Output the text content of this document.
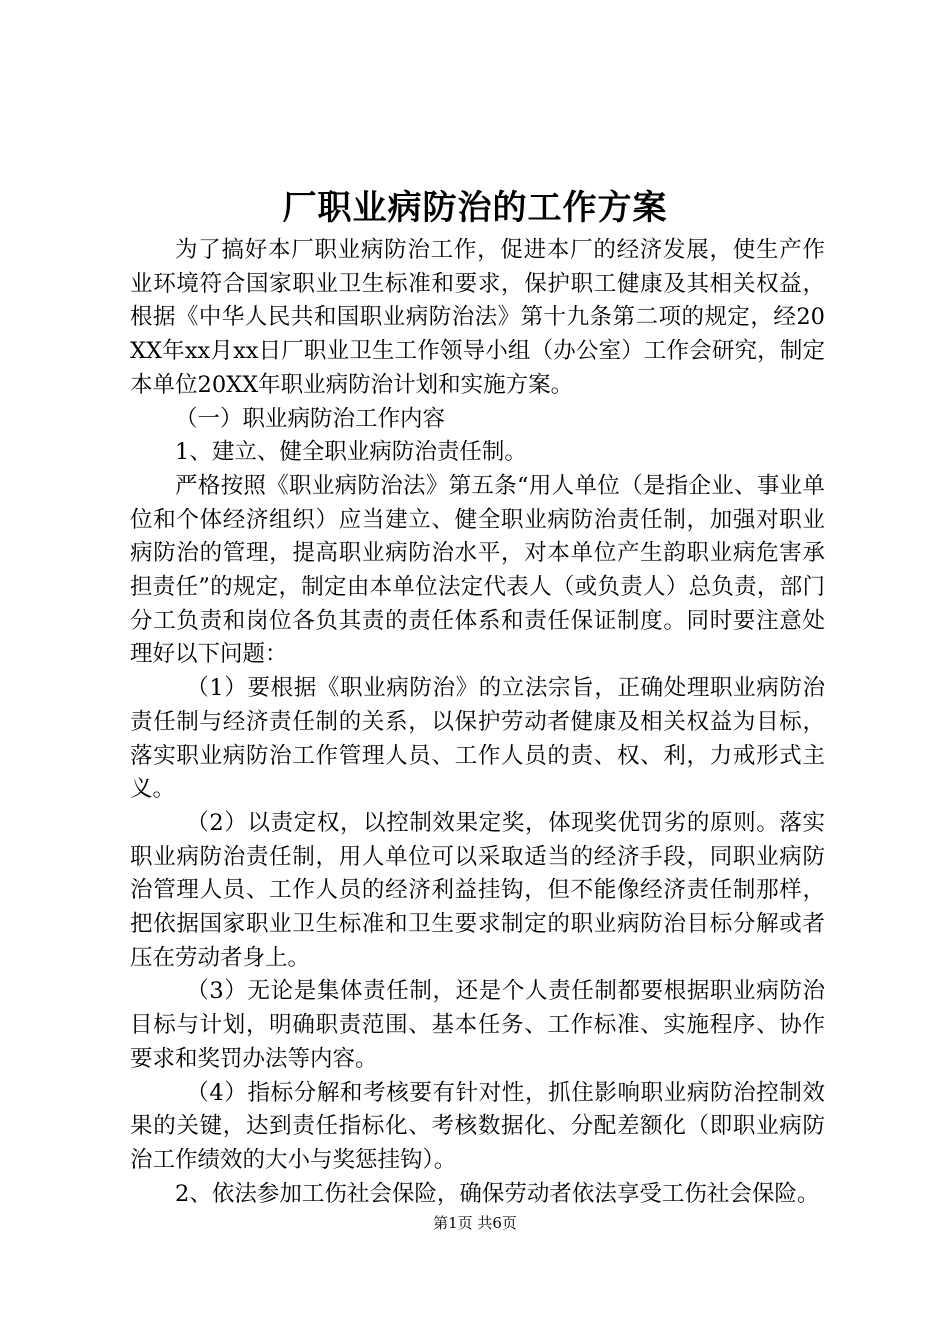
厂职业病防治的工作方案

为了搞好本厂职业病防治工作，促进本厂的经济发展，使生产作业环境符合国家职业卫生标准和要求，保护职工健康及其相关权益，根据《中华人民共和国职业病防治法》第十九条第二项的规定，经20XX年xx月xx日厂职业卫生工作领导小组（办公室）工作会研究，制定本单位20XX年职业病防治计划和实施方案。

（一）职业病防治工作内容

1、建立、健全职业病防治责任制。

严格按照《职业病防治法》第五条“用人单位（是指企业、事业单位和个体经济组织）应当建立、健全职业病防治责任制，加强对职业病防治的管理，提高职业病防治水平，对本单位产生韵职业病危害承担责任”的规定，制定由本单位法定代表人（或负责人）总负责，部门分工负责和岗位各负其责的责任体系和责任保证制度。同时要注意处理好以下问题：

（1）要根据《职业病防治》的立法宗旨，正确处理职业病防治责任制与经济责任制的关系，以保护劳动者健康及相关权益为目标，落实职业病防治工作管理人员、工作人员的责、权、利，力戒形式主义。

（2）以责定权，以控制效果定奖，体现奖优罚劣的原则。落实职业病防治责任制，用人单位可以采取适当的经济手段，同职业病防治管理人员、工作人员的经济利益挂钩，但不能像经济责任制那样，把依据国家职业卫生标准和卫生要求制定的职业病防治目标分解或者压在劳动者身上。

（3）无论是集体责任制，还是个人责任制都要根据职业病防治目标与计划，明确职责范围、基本任务、工作标准、实施程序、协作要求和奖罚办法等内容。

（4）指标分解和考核要有针对性，抓住影响职业病防治控制效果的关键，达到责任指标化、考核数据化、分配差额化（即职业病防治工作绩效的大小与奖惩挂钩）。

2、依法参加工伤社会保险，确保劳动者依法享受工伤社会保险。

第1页 共6页
